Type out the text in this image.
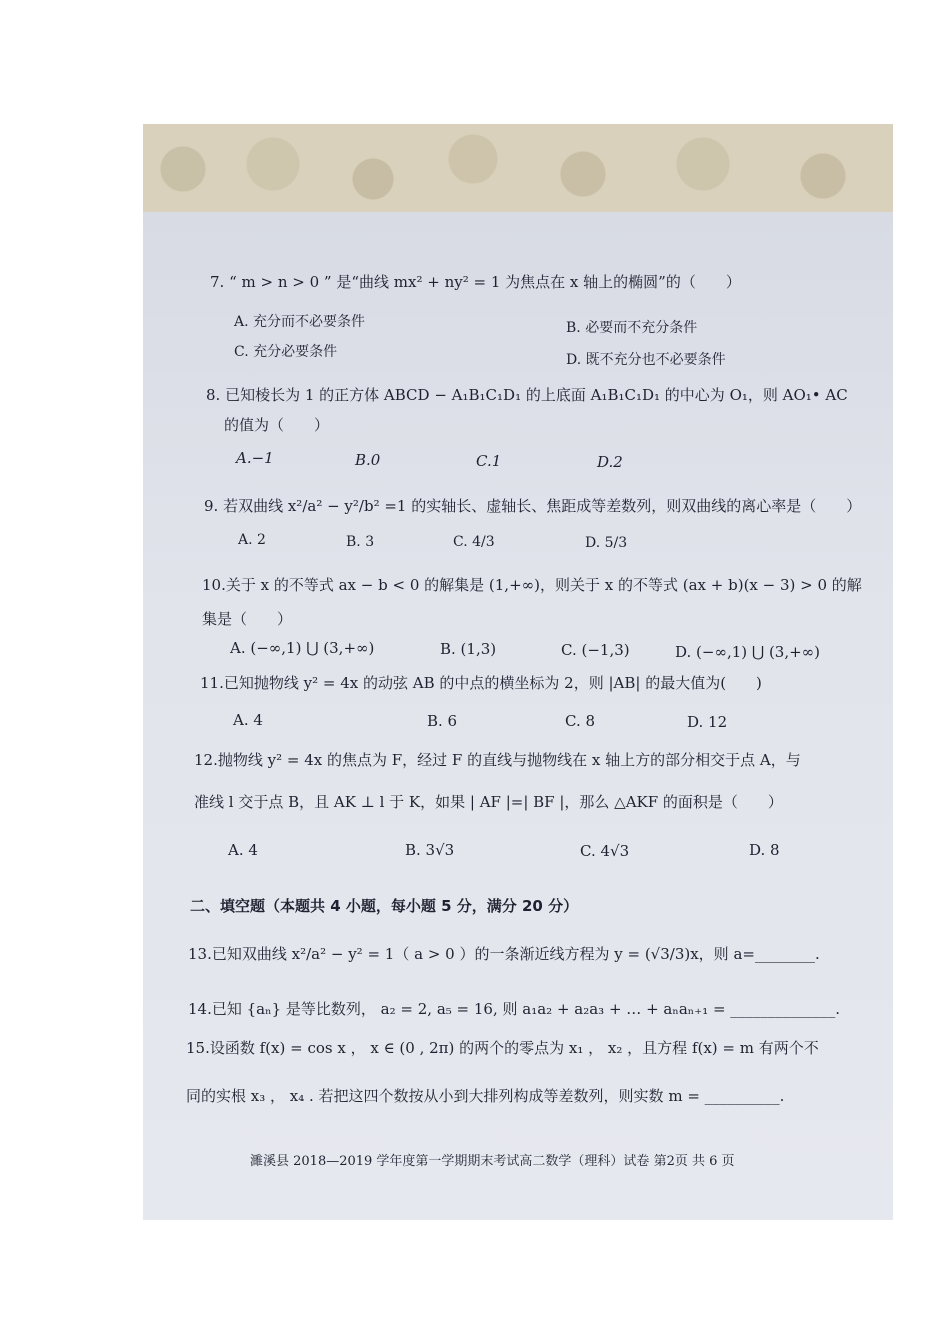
7. “ m > n > 0 ” 是“曲线 mx² + ny² = 1 为焦点在 x 轴上的椭圆”的（　　）
A. 充分而不必要条件	B. 必要而不充分条件
C. 充分必要条件	D. 既不充分也不必要条件
8. 已知棱长为 1 的正方体 ABCD − A₁B₁C₁D₁ 的上底面 A₁B₁C₁D₁ 的中心为 O₁，则 AO₁• AC
的值为（　　）
A.−1	B.0	C.1	D.2
9. 若双曲线 x²/a² − y²/b² =1 的实轴长、虚轴长、焦距成等差数列，则双曲线的离心率是（　　）
A. 2	B. 3	C. 4/3	D. 5/3
10.关于 x 的不等式 ax − b < 0 的解集是 (1,+∞)，则关于 x 的不等式 (ax + b)(x − 3) > 0 的解
集是（　　）
A. (−∞,1) ⋃ (3,+∞)	B. (1,3)	C. (−1,3)	D. (−∞,1) ⋃ (3,+∞)
11.已知抛物线 y² = 4x 的动弦 AB 的中点的横坐标为 2，则 |AB| 的最大值为(　　)
A. 4	B. 6	C. 8	D. 12
12.抛物线 y² = 4x 的焦点为 F，经过 F 的直线与抛物线在 x 轴上方的部分相交于点 A，与
准线 l 交于点 B，且 AK ⊥ l 于 K，如果 | AF |=| BF |，那么 △AKF 的面积是（　　）
A. 4	B. 3√3	C. 4√3	D. 8
二、填空题（本题共 4 小题，每小题 5 分，满分 20 分）
13.已知双曲线 x²/a² − y² = 1（ a > 0 ）的一条渐近线方程为 y = (√3/3)x，则 a=________.
14.已知 {aₙ} 是等比数列， a₂ = 2, a₅ = 16, 则 a₁a₂ + a₂a₃ + … + aₙaₙ₊₁ = ______________.
15.设函数 f(x) = cos x ， x ∈ (0 , 2π) 的两个的零点为 x₁ ， x₂ ，且方程 f(x) = m 有两个不
同的实根 x₃ ， x₄ . 若把这四个数按从小到大排列构成等差数列，则实数 m = __________.
濉溪县 2018—2019 学年度第一学期期末考试高二数学（理科）试卷 第2页 共 6 页
